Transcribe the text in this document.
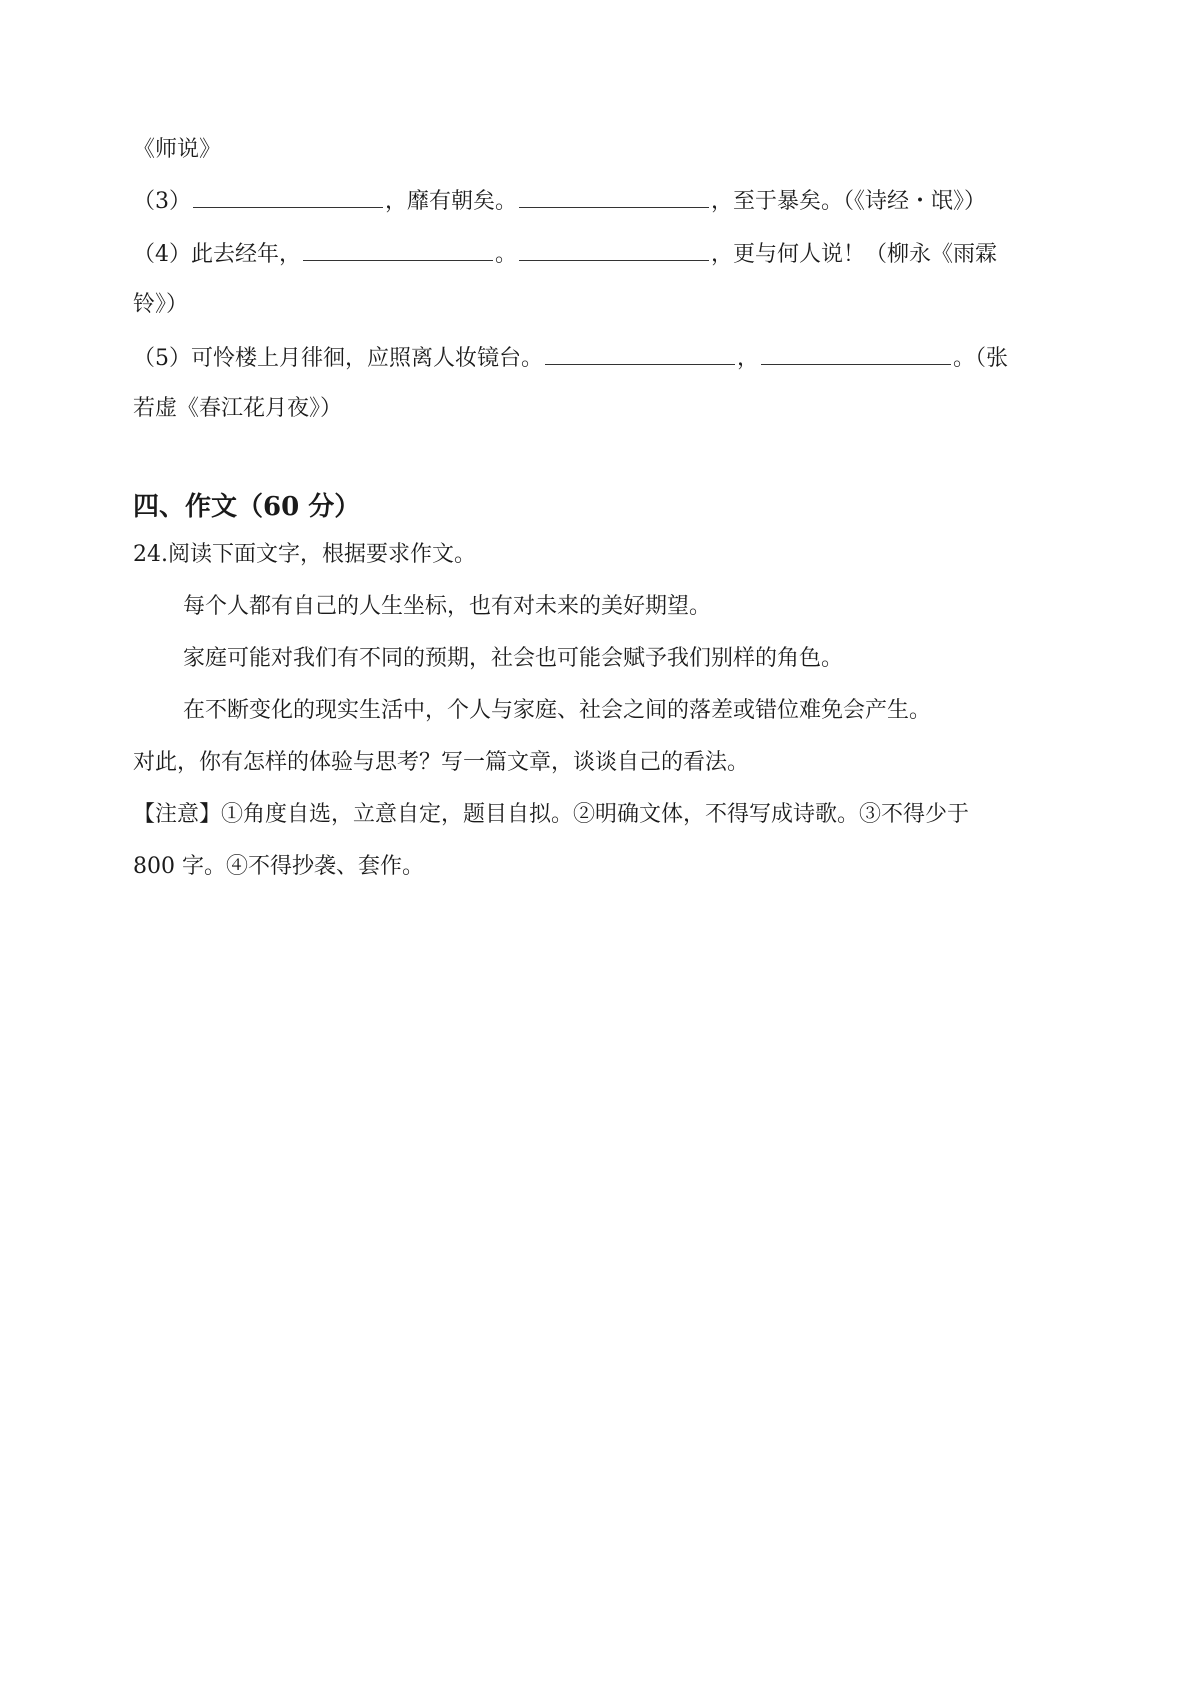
《师说》
（3）	，靡有朝矣。	，至于暴矣。（《诗经・氓》）
（4）此去经年，	。	，更与何人说！（柳永《雨霖
铃》）
（5）可怜楼上月徘徊，应照离人妆镜台。	，	。（张
若虚《春江花月夜》）
四、作文（60 分）
24.阅读下面文字，根据要求作文。
每个人都有自己的人生坐标，也有对未来的美好期望。
家庭可能对我们有不同的预期，社会也可能会赋予我们别样的角色。
在不断变化的现实生活中，个人与家庭、社会之间的落差或错位难免会产生。
对此，你有怎样的体验与思考？写一篇文章，谈谈自己的看法。
【注意】①角度自选，立意自定，题目自拟。②明确文体，不得写成诗歌。③不得少于
800 字。④不得抄袭、套作。
